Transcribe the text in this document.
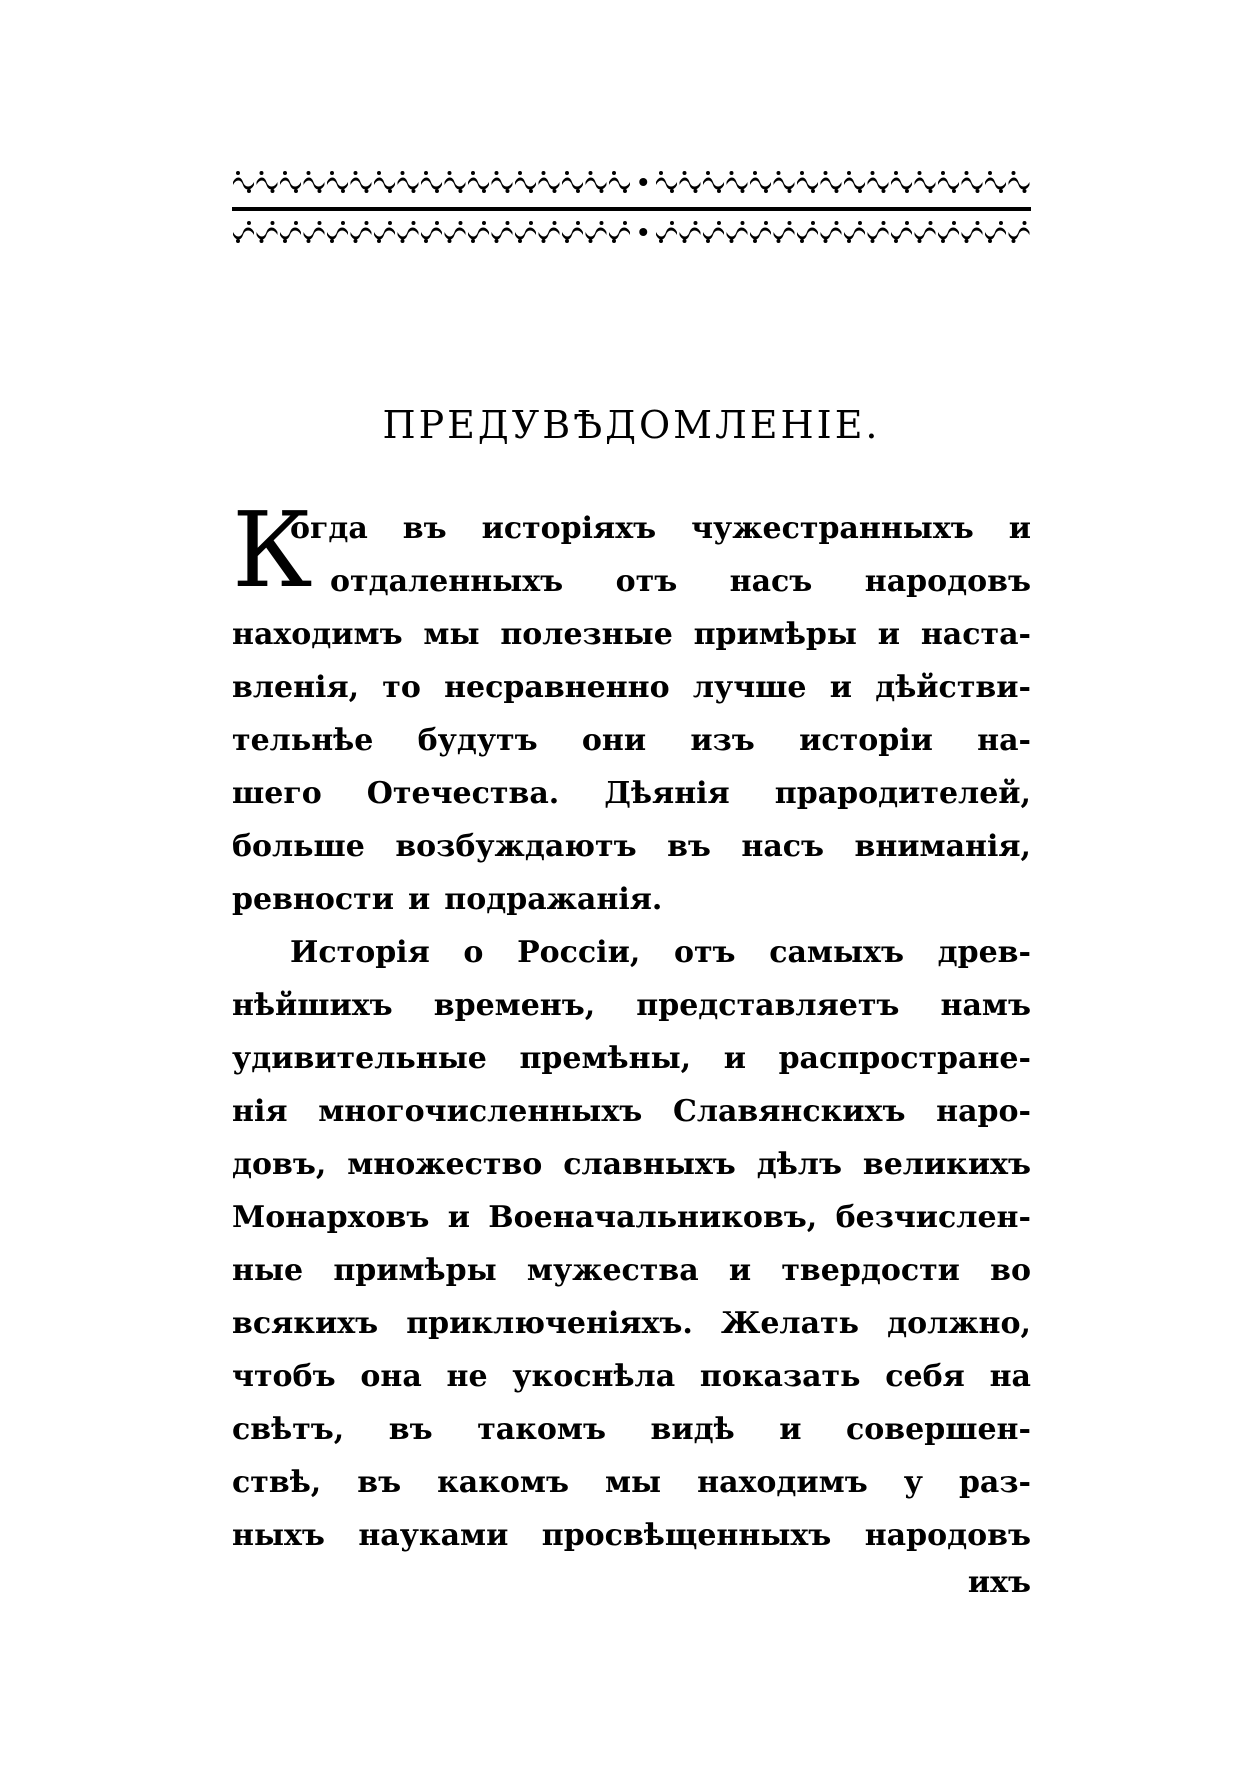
ПРЕДУВѢДОМЛЕНІЕ.
К
огда въ исторіяхъ чужестранныхъ и
отдаленныхъ отъ насъ народовъ
находимъ мы полезные примѣры и наста-
вленія, то несравненно лучше и дѣйстви-
тельнѣе будутъ они изъ исторіи на-
шего Отечества. Дѣянія прародителей,
больше возбуждаютъ въ насъ вниманія,
ревности и подражанія.
Исторія о Россіи, отъ самыхъ древ-
нѣйшихъ временъ, представляетъ намъ
удивительные премѣны, и распростране-
нія многочисленныхъ Славянскихъ наро-
довъ, множество славныхъ дѣлъ великихъ
Монарховъ и Военачальниковъ, безчислен-
ные примѣры мужества и твердости во
всякихъ приключеніяхъ. Желать должно,
чтобъ она не укоснѣла показать себя на
свѣтъ, въ такомъ видѣ и совершен-
ствѣ, въ какомъ мы находимъ у раз-
ныхъ науками просвѣщенныхъ народовъ
ихъ
